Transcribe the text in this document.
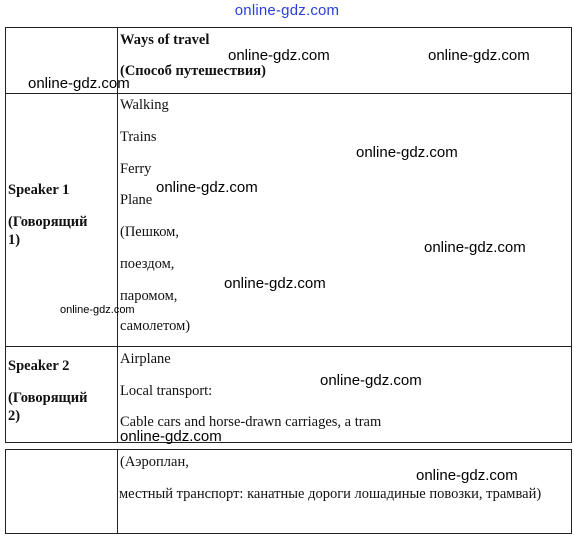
online-gdz.com
Ways of travel
(Способ путешествия)
Speaker 1
(Говорящий
1)
Walking
Trains
Ferry
Plane
(Пешком,
поездом,
паромом,
самолетом)
Speaker 2
(Говорящий
2)
Airplane
Local transport:
Cable cars and horse-drawn carriages, a tram
(Аэроплан,
местный транспорт: канатные дороги лошадиные повозки, трамвай)
online-gdz.com	online-gdz.com
online-gdz.com
online-gdz.com
online-gdz.com
online-gdz.com
online-gdz.com
online-gdz.com
online-gdz.com
online-gdz.com
online-gdz.com
